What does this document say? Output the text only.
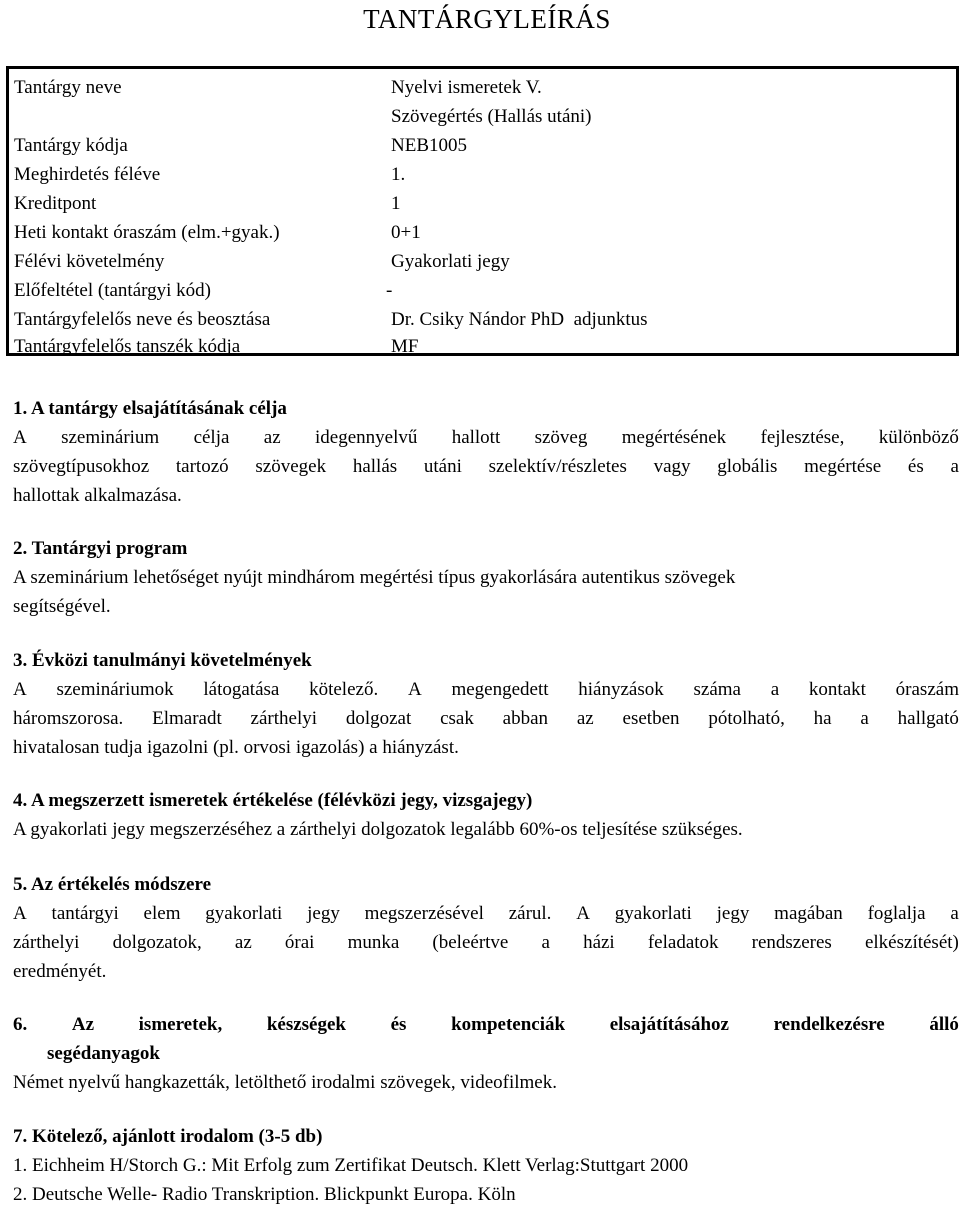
TANTÁRGYLEÍRÁS
Tantárgy neve	Nyelvi ismeretek V.
Szövegértés (Hallás utáni)
Tantárgy kódja	NEB1005
Meghirdetés féléve	1.
Kreditpont	1
Heti kontakt óraszám (elm.+gyak.)	0+1
Félévi követelmény	Gyakorlati jegy
Előfeltétel (tantárgyi kód)	-
Tantárgyfelelős neve és beosztása	Dr. Csiky Nándor PhD  adjunktus
Tantárgyfelelős tanszék kódja	MF
1. A tantárgy elsajátításának célja
A szeminárium célja az idegennyelvű hallott szöveg megértésének fejlesztése, különböző
szövegtípusokhoz tartozó szövegek hallás utáni szelektív/részletes vagy globális megértése és a
hallottak alkalmazása.
2. Tantárgyi program
A szeminárium lehetőséget nyújt mindhárom megértési típus gyakorlására autentikus szövegek
segítségével.
3. Évközi tanulmányi követelmények
A szemináriumok látogatása kötelező. A megengedett hiányzások száma a kontakt óraszám
háromszorosa. Elmaradt zárthelyi dolgozat csak abban az esetben pótolható, ha a hallgató
hivatalosan tudja igazolni (pl. orvosi igazolás) a hiányzást.
4. A megszerzett ismeretek értékelése (félévközi jegy, vizsgajegy)
A gyakorlati jegy megszerzéséhez a zárthelyi dolgozatok legalább 60%-os teljesítése szükséges.
5. Az értékelés módszere
A tantárgyi elem gyakorlati jegy megszerzésével zárul. A gyakorlati jegy magában foglalja a
zárthelyi dolgozatok, az órai munka (beleértve a házi feladatok rendszeres elkészítését)
eredményét.
6. Az ismeretek, készségek és kompetenciák elsajátításához rendelkezésre álló
segédanyagok
Német nyelvű hangkazetták, letölthető irodalmi szövegek, videofilmek.
7. Kötelező, ajánlott irodalom (3-5 db)
1. Eichheim H/Storch G.: Mit Erfolg zum Zertifikat Deutsch. Klett Verlag:Stuttgart 2000
2. Deutsche Welle- Radio Transkription. Blickpunkt Europa. Köln
